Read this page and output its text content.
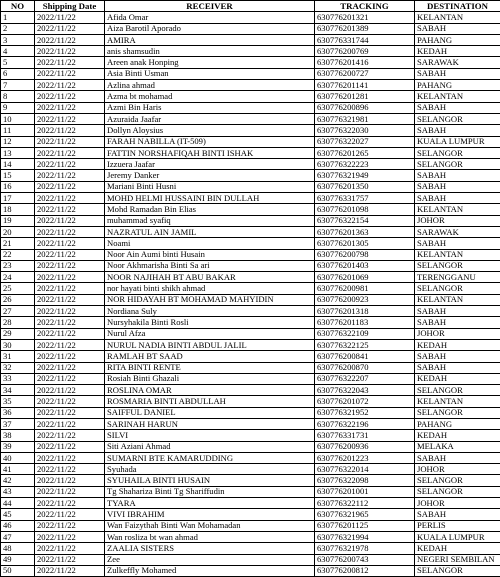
NO	Shipping Date	RECEIVER	TRACKING	DESTINATION
1	2022/11/22	Afida Omar	630776201321	KELANTAN
2	2022/11/22	Aiza Barotil Aporado	630776201389	SABAH
3	2022/11/22	AMIRA	630776331744	PAHANG
4	2022/11/22	anis shamsudin	630776200769	KEDAH
5	2022/11/22	Areen anak Honping	630776201416	SARAWAK
6	2022/11/22	Asia Binti Usman	630776200727	SABAH
7	2022/11/22	Azlina ahmad	630776201141	PAHANG
8	2022/11/22	Azma bt mohamad	630776201281	KELANTAN
9	2022/11/22	Azmi Bin Haris	630776200896	SABAH
10	2022/11/22	Azuraida Jaafar	630776321981	SELANGOR
11	2022/11/22	Dollyn Aloysius	630776322030	SABAH
12	2022/11/22	FARAH NABILLA (IT-509)	630776322027	KUALA LUMPUR
13	2022/11/22	FATTIN NORSHAFIQAH BINTI ISHAK	630776201265	SELANGOR
14	2022/11/22	Izzuera Jaafar	630776322223	SELANGOR
15	2022/11/22	Jeremy Danker	630776321949	SABAH
16	2022/11/22	Mariani Binti Husni	630776201350	SABAH
17	2022/11/22	MOHD HELMI HUSSAINI BIN DULLAH	630776331757	SABAH
18	2022/11/22	Mohd Ramadan Bin Elias	630776201098	KELANTAN
19	2022/11/22	muhammad syafiq	630776322154	JOHOR
20	2022/11/22	NAZRATUL AIN JAMIL	630776201363	SARAWAK
21	2022/11/22	Noami	630776201305	SABAH
22	2022/11/22	Noor Ain Aumi binti Husain	630776200798	KELANTAN
23	2022/11/22	Noor Akhmarisha Binti Sa ari	630776201403	SELANGOR
24	2022/11/22	NOOR NAJIHAH BT ABU BAKAR	630776201069	TERENGGANU
25	2022/11/22	nor hayati binti shikh ahmad	630776200981	SELANGOR
26	2022/11/22	NOR HIDAYAH BT MOHAMAD MAHYIDIN	630776200923	KELANTAN
27	2022/11/22	Nordiana Suly	630776201318	SABAH
28	2022/11/22	Nursyhakila Binti Rosli	630776201183	SABAH
29	2022/11/22	Nurul Afza	630776322109	JOHOR
30	2022/11/22	NURUL NADIA BINTI ABDUL JALIL	630776322125	KEDAH
31	2022/11/22	RAMLAH BT SAAD	630776200841	SABAH
32	2022/11/22	RITA BINTI RENTE	630776200870	SABAH
33	2022/11/22	Rosiah Binti Ghazali	630776322207	KEDAH
34	2022/11/22	ROSLINA OMAR	630776322043	SELANGOR
35	2022/11/22	ROSMARIA BINTI ABDULLAH	630776201072	KELANTAN
36	2022/11/22	SAIFFUL DANIEL	630776321952	SELANGOR
37	2022/11/22	SARINAH HARUN	630776322196	PAHANG
38	2022/11/22	SILVI	630776331731	KEDAH
39	2022/11/22	Siti Aziani Ahmad	630776200936	MELAKA
40	2022/11/22	SUMARNI BTE KAMARUDDING	630776201223	SABAH
41	2022/11/22	Syuhada	630776322014	JOHOR
42	2022/11/22	SYUHAILA BINTI HUSAIN	630776322098	SELANGOR
43	2022/11/22	Tg Shahariza Binti Tg Shariffudin	630776201001	SELANGOR
44	2022/11/22	TYARA	630776322112	JOHOR
45	2022/11/22	VIVI IBRAHIM	630776321965	SABAH
46	2022/11/22	Wan Faizythah Binti Wan Mohamadan	630776201125	PERLIS
47	2022/11/22	Wan rosliza bt wan ahmad	630776321994	KUALA LUMPUR
48	2022/11/22	ZAALIA SISTERS	630776321978	KEDAH
49	2022/11/22	Zee	630776200743	NEGERI SEMBILAN
50	2022/11/22	Zulkeffly Mohamed	630776200812	SELANGOR
